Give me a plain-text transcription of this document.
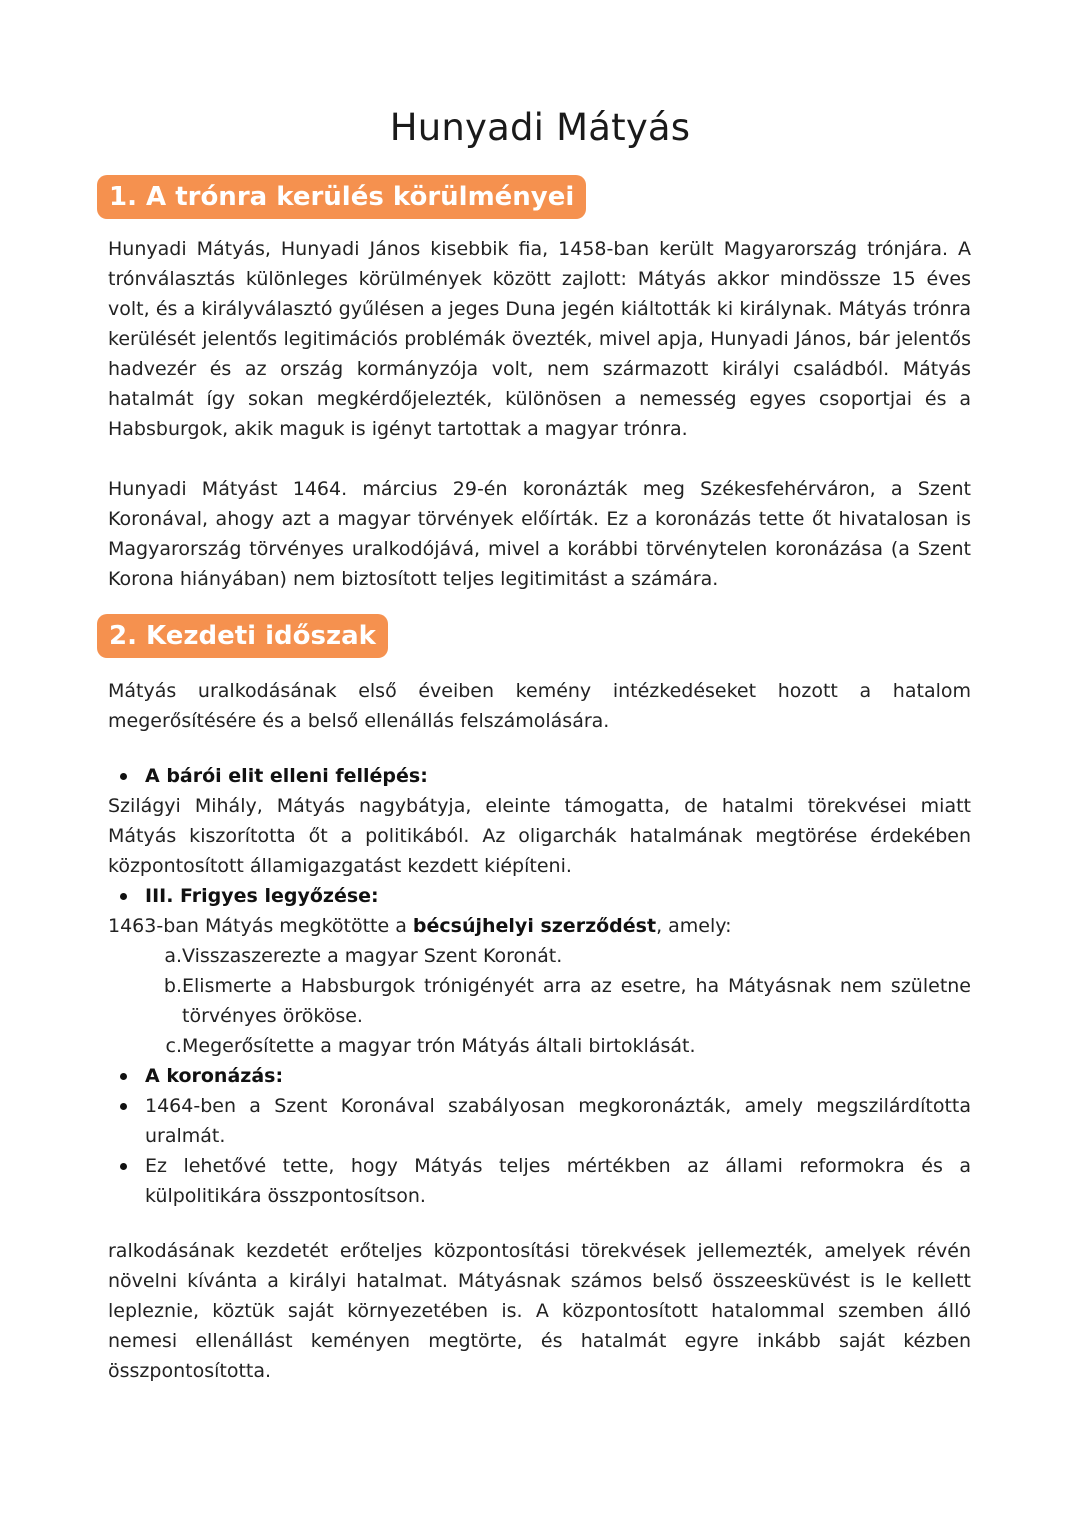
Hunyadi Mátyás
1. A trónra kerülés körülményei

Hunyadi Mátyás, Hunyadi János kisebbik fia, 1458-ban került Magyarország trónjára. A trónválasztás különleges körülmények között zajlott: Mátyás akkor mindössze 15 éves volt, és a királyválasztó gyűlésen a jeges Duna jegén kiáltották ki királynak. Mátyás trónra kerülését jelentős legitimációs problémák övezték, mivel apja, Hunyadi János, bár jelentős hadvezér és az ország kormányzója volt, nem származott királyi családból. Mátyás hatalmát így sokan megkérdőjelezték, különösen a nemesség egyes csoportjai és a Habsburgok, akik maguk is igényt tartottak a magyar trónra.

Hunyadi Mátyást 1464. március 29-én koronázták meg Székesfehérváron, a Szent Koronával, ahogy azt a magyar törvények előírták. Ez a koronázás tette őt hivatalosan is Magyarország törvényes uralkodójává, mivel a korábbi törvénytelen koronázása (a Szent Korona hiányában) nem biztosított teljes legitimitást a számára.

2. Kezdeti időszak

Mátyás uralkodásának első éveiben kemény intézkedéseket hozott a hatalom megerősítésére és a belső ellenállás felszámolására.

A bárói elit elleni fellépés:

Szilágyi Mihály, Mátyás nagybátyja, eleinte támogatta, de hatalmi törekvései miatt Mátyás kiszorította őt a politikából. Az oligarchák hatalmának megtörése érdekében központosított államigazgatást kezdett kiépíteni.

III. Frigyes legyőzése:
1463-ban Mátyás megkötötte a bécsújhelyi szerződést, amely:
a. Visszaszerezte a magyar Szent Koronát.
b. Elismerte a Habsburgok trónigényét arra az esetre, ha Mátyásnak nem születne törvényes örököse.
c. Megerősítette a magyar trón Mátyás általi birtoklását.
A koronázás:
1464-ben a Szent Koronával szabályosan megkoronázták, amely megszilárdította uralmát.
Ez lehetővé tette, hogy Mátyás teljes mértékben az állami reformokra és a külpolitikára összpontosítson.

ralkodásának kezdetét erőteljes központosítási törekvések jellemezték, amelyek révén növelni kívánta a királyi hatalmat. Mátyásnak számos belső összeesküvést is le kellett lepleznie, köztük saját környezetében is. A központosított hatalommal szemben álló nemesi ellenállást keményen megtörte, és hatalmát egyre inkább saját kézben összpontosította.
